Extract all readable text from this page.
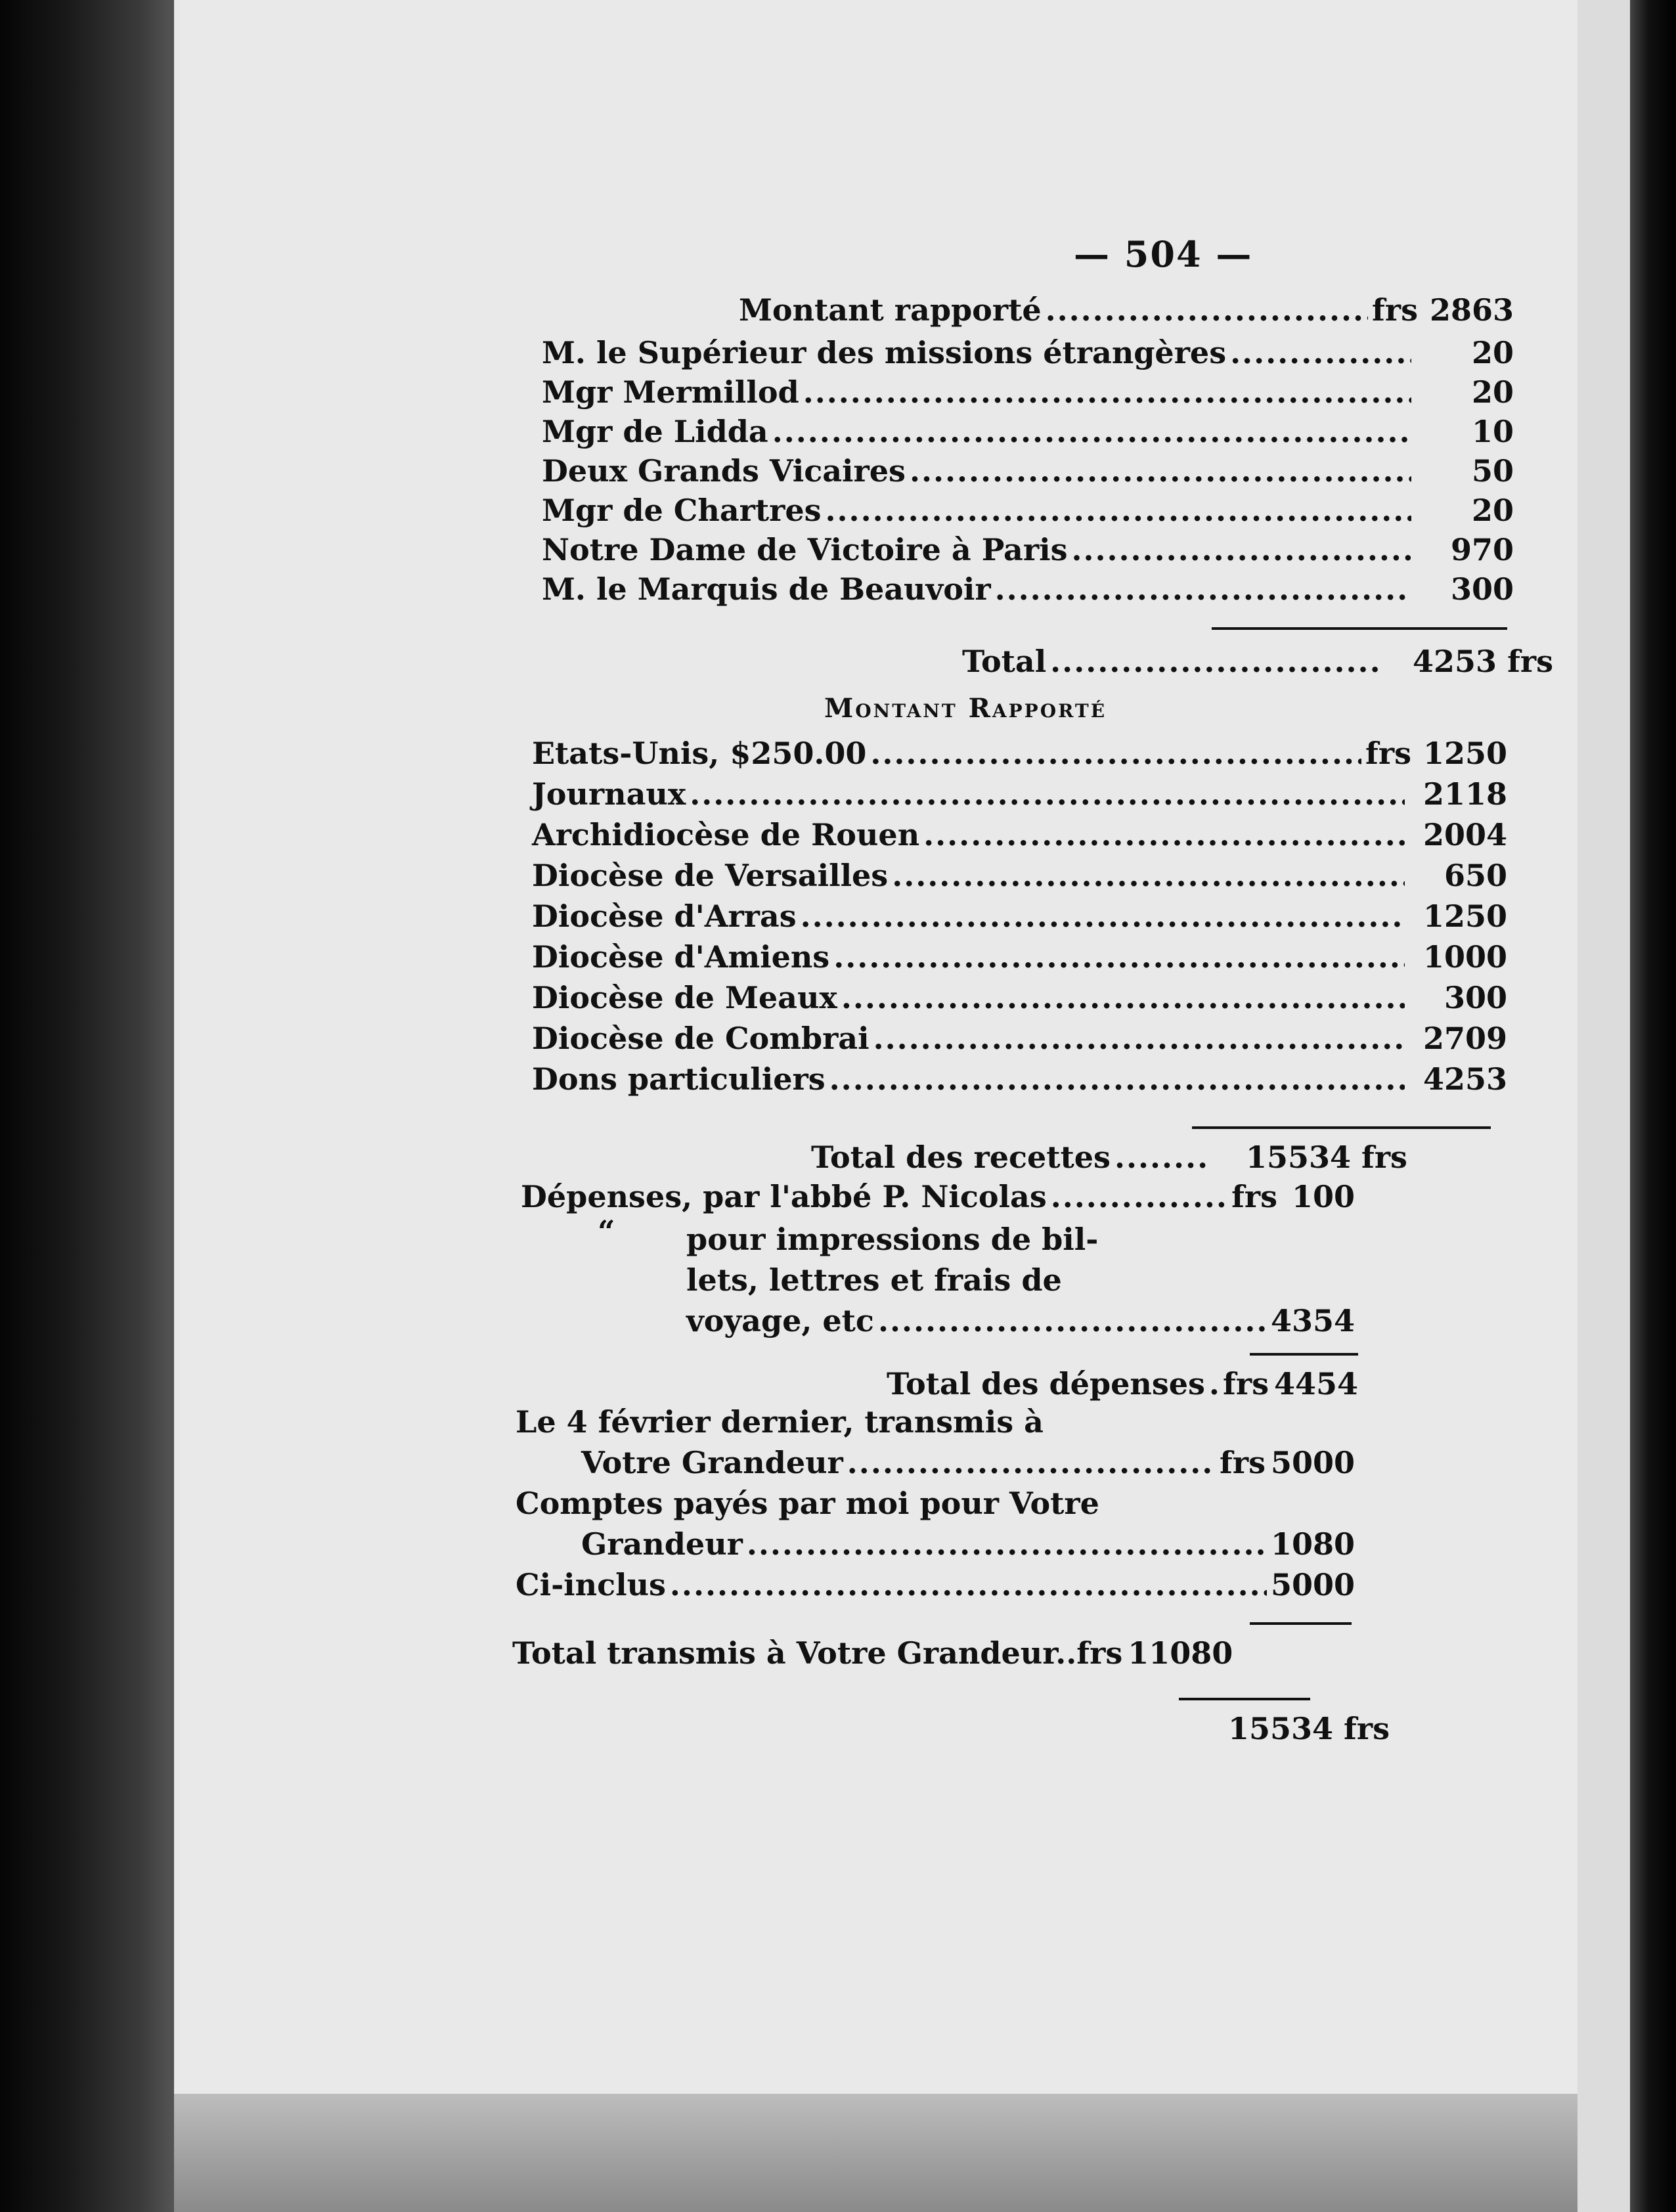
— 504 —
Montant rapporté .....	frs 2863
M. le Supérieur des missions étrangères .....	20
Mgr Mermillod .....	20
Mgr de Lidda .....	10
Deux Grands Vicaires .....	50
Mgr de Chartres .....	20
Notre Dame de Victoire à Paris .....	970
M. le Marquis de Beauvoir .....	300
Total .....	4253 frs
Montant Rapporté
Etats-Unis, $250.00 .....	frs 1250
Journaux .....	2118
Archidiocèse de Rouen .....	2004
Diocèse de Versailles .....	650
Diocèse d'Arras .....	1250
Diocèse d'Amiens .....	1000
Diocèse de Meaux .....	300
Diocèse de Combrai .....	2709
Dons particuliers .....	4253
Total des recettes .....	15534 frs
Dépenses, par l'abbé P. Nicolas .....	frs 100
“ pour impressions de bil-
lets, lettres et frais de
voyage, etc .....	4354
Total des dépenses ..... frs 4454
Le 4 février dernier, transmis à
Votre Grandeur .....	frs 5000
Comptes payés par moi pour Votre
Grandeur .....	1080
Ci-inclus .....	5000
Total transmis à Votre Grandeur.. frs 11080
15534 frs
